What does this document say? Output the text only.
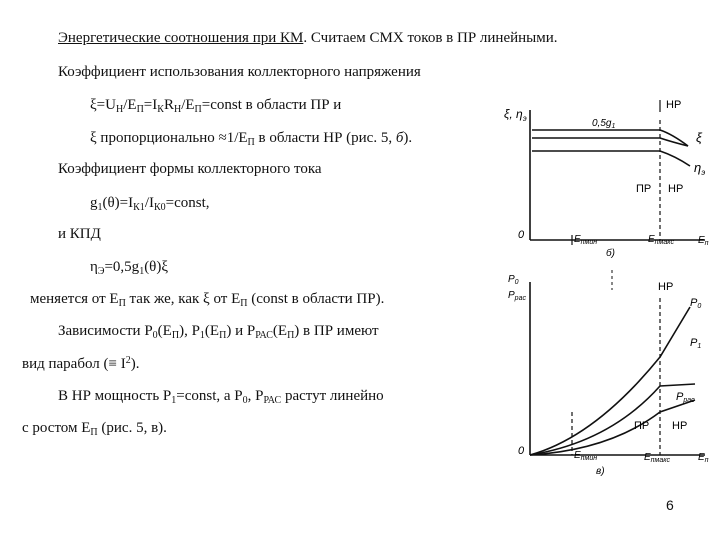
Энергетические соотношения при КМ. Считаем СМХ токов в ПР линейными.
Коэффициент использования коллекторного напряжения
$\xi=U_Н/E_П=I_КR_Н/E_П=const$ в области ПР и
ξ пропорционально $\approx 1/E_П$ в области НР (рис. 5, б).
Коэффициент формы коллекторного тока
$g_1(\theta)=I_{К1}/I_{К0}=const$,
и КПД
$\eta_Э=0,5g_1(\theta)\xi$
меняется от $E_П$ так же, как ξ от $E_П$ (const в области ПР).
Зависимости $P_0(E_П)$, $P_1(E_П)$ и $P_{РАС}(E_П)$ в ПР имеют
вид парабол (≡ $I^2$).
В НР мощность $P_1=const$, а $P_0$, $P_{РАС}$ растут линейно
с ростом $E_П$ (рис. 5, в).
ξ, $\eta_э$	$0,5g_1$
ξ
$\eta_э$
НР
ПР НР
0	$E_{пмин}$	$E_{пмакс}$ $E_п$
б)
$P_0$
$P_{рас}$
НР
P0
P1
Pрас
ПР НР
0	$E_{пмин}$	$E_{пмакс}$	$E_п$
в)
6
